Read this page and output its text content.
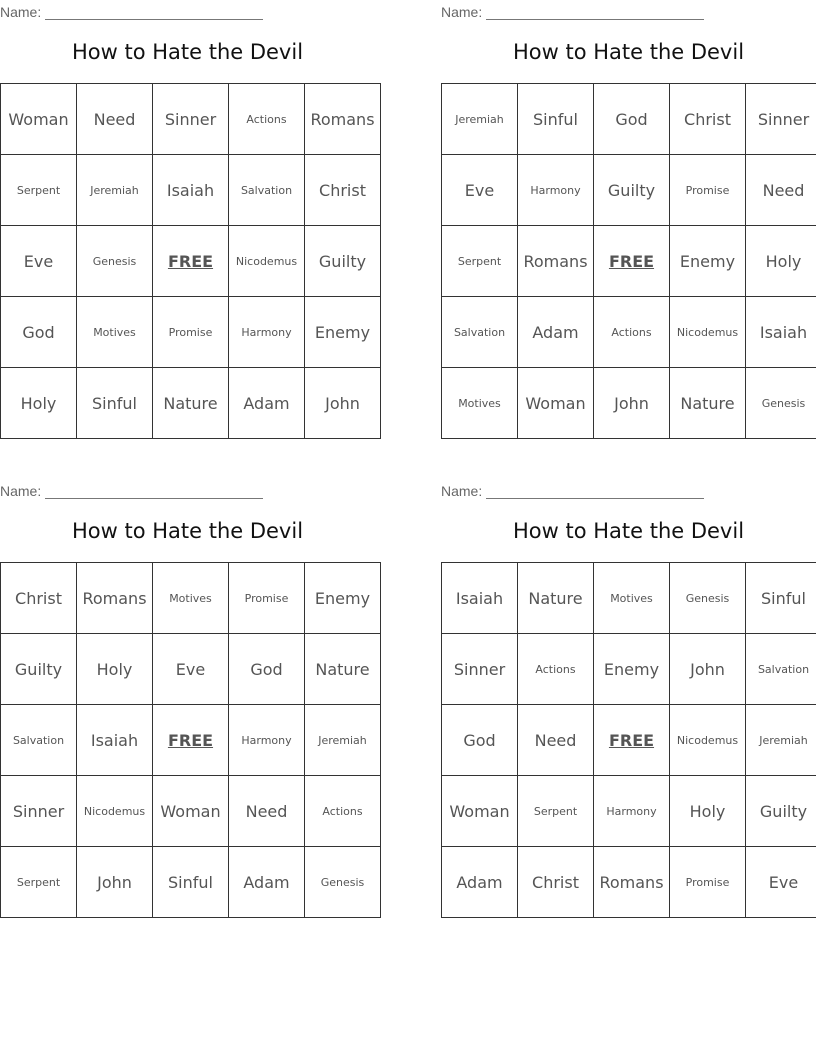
Name:
How to Hate the Devil
Woman	Need	Sinner	Actions	Romans
Serpent	Jeremiah	Isaiah	Salvation	Christ
Eve	Genesis	FREE	Nicodemus	Guilty
God	Motives	Promise	Harmony	Enemy
Holy	Sinful	Nature	Adam	John
Name:
How to Hate the Devil
Jeremiah	Sinful	God	Christ	Sinner
Eve	Harmony	Guilty	Promise	Need
Serpent	Romans	FREE	Enemy	Holy
Salvation	Adam	Actions	Nicodemus	Isaiah
Motives	Woman	John	Nature	Genesis
Name:
How to Hate the Devil
Christ	Romans	Motives	Promise	Enemy
Guilty	Holy	Eve	God	Nature
Salvation	Isaiah	FREE	Harmony	Jeremiah
Sinner	Nicodemus	Woman	Need	Actions
Serpent	John	Sinful	Adam	Genesis
Name:
How to Hate the Devil
Isaiah	Nature	Motives	Genesis	Sinful
Sinner	Actions	Enemy	John	Salvation
God	Need	FREE	Nicodemus	Jeremiah
Woman	Serpent	Harmony	Holy	Guilty
Adam	Christ	Romans	Promise	Eve
